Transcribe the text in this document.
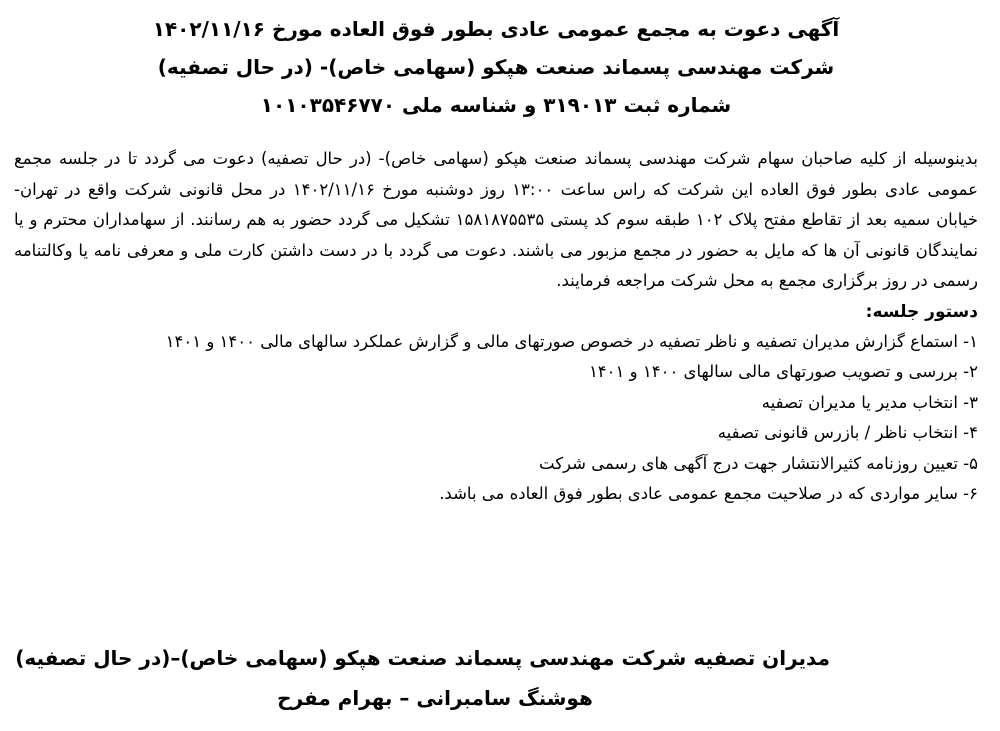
آگهی دعوت به مجمع عمومی عادی بطور فوق العاده مورخ ۱۴۰۲/۱۱/۱۶
شرکت مهندسی پسماند صنعت هپکو (سهامی خاص)- (در حال تصفیه)
شماره ثبت ۳۱۹۰۱۳ و شناسه ملی ۱۰۱۰۳۵۴۶۷۷۰
بدینوسیله از کلیه صاحبان سهام شرکت مهندسی پسماند صنعت هپکو (سهامی خاص)- (در حال تصفیه) دعوت می گردد تا در جلسه مجمع عمومی عادی بطور فوق العاده این شرکت که راس ساعت ۱۳:۰۰ روز دوشنبه مورخ ۱۴۰۲/۱۱/۱۶ در محل قانونی شرکت واقع در تهران- خیابان سمیه بعد از تقاطع مفتح پلاک ۱۰۲ طبقه سوم کد پستی ۱۵۸۱۸۷۵۵۳۵ تشکیل می گردد حضور به هم رسانند. از سهامداران محترم و یا نمایندگان قانونی آن ها که مایل به حضور در مجمع مزبور می باشند. دعوت می گردد با در دست داشتن کارت ملی و معرفی نامه یا وکالتنامه رسمی در روز برگزاری مجمع به محل شرکت مراجعه فرمایند.
دستور جلسه:
۱- استماع گزارش مدیران تصفیه و ناظر تصفیه در خصوص صورتهای مالی و گزارش عملکرد سالهای مالی ۱۴۰۰ و ۱۴۰۱
۲- بررسی و تصویب صورتهای مالی سالهای ۱۴۰۰ و ۱۴۰۱
۳- انتخاب مدیر یا مدیران تصفیه
۴- انتخاب ناظر / بازرس قانونی تصفیه
۵- تعیین روزنامه کثیرالانتشار جهت درج آگهی های رسمی شرکت
۶- سایر مواردی که در صلاحیت مجمع عمومی عادی بطور فوق العاده می باشد.
مدیران تصفیه شرکت مهندسی پسماند صنعت هپکو (سهامی خاص)–(در حال تصفیه)
هوشنگ سامبرانی – بهرام مفرح
